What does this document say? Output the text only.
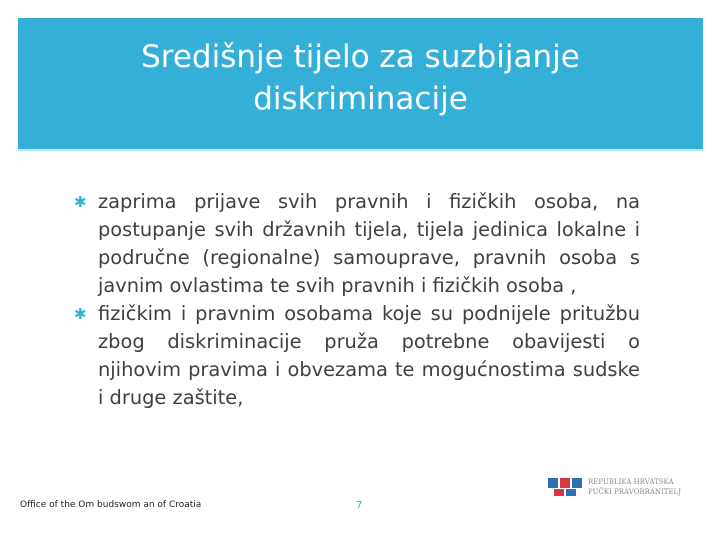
Središnje tijelo za suzbijanje
diskriminacije
✱ zaprima prijave svih pravnih i fizičkih osoba, na postupanje svih državnih tijela, tijela jedinica lokalne i područne (regionalne) samouprave, pravnih osoba s javnim ovlastima te svih pravnih i fizičkih osoba ,
✱ fizičkim i pravnim osobama koje su podnijele pritužbu zbog diskriminacije pruža potrebne obavijesti o njihovim pravima i obvezama te mogućnostima sudske i druge zaštite,
Office of the Om budswom an of Croatia	7
REPUBLIKA HRVATSKA
PUČKI PRAVOBRANITELJ
